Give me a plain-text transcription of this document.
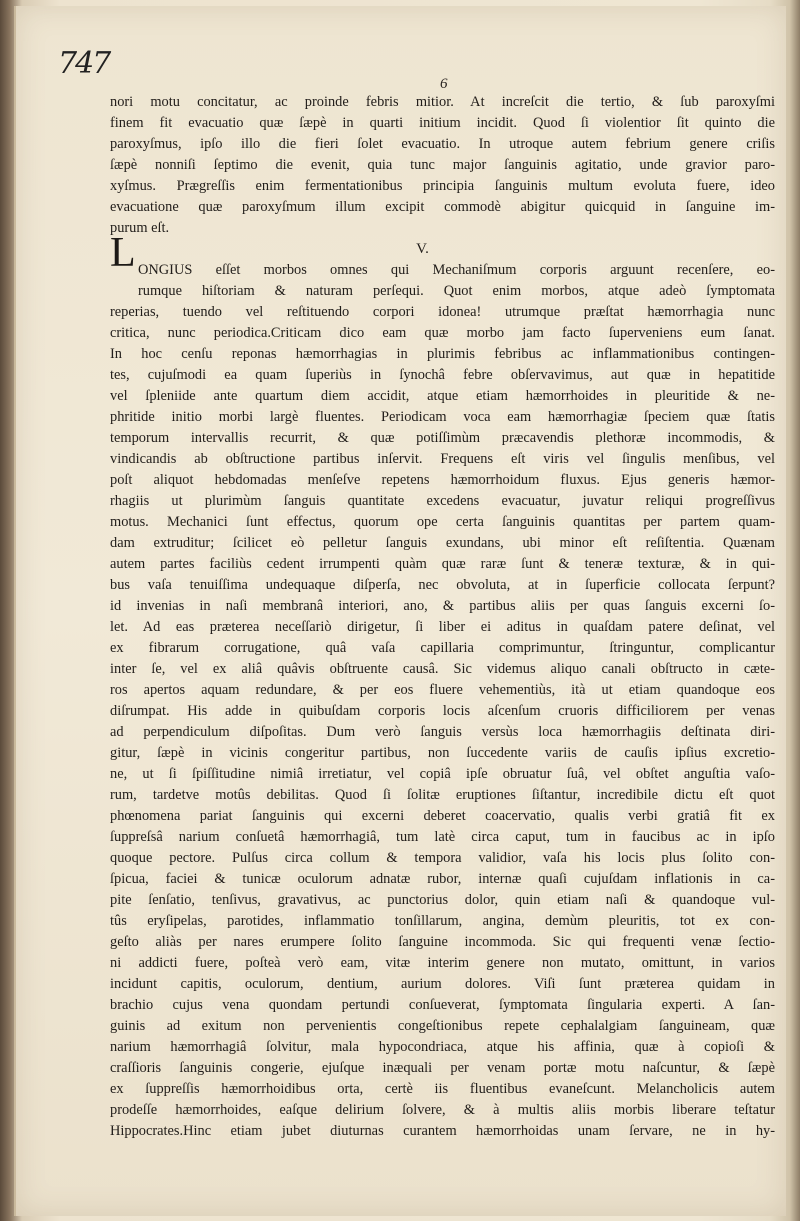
747
6
nori motu concitatur, ac proinde febris mitior. At increſcit die tertio, & ſub paroxyſmi
finem fit evacuatio quæ ſæpè in quarti initium incidit. Quod ſi violentior ſit quinto die
paroxyſmus, ipſo illo die fieri ſolet evacuatio. In utroque autem febrium genere criſis
ſæpè nonniſi ſeptimo die evenit, quia tunc major ſanguinis agitatio, unde gravior paro-
xyſmus. Prægreſſis enim fermentationibus principia ſanguinis multum evoluta fuere, ideo
evacuatione quæ paroxyſmum illum excipit commodè abigitur quicquid in ſanguine im-
purum eſt.
V.
ONGIUS eſſet morbos omnes qui Mechaniſmum corporis arguunt recenſere, eo-
rumque hiſtoriam & naturam perſequi. Quot enim morbos, atque adeò ſymptomata
reperias, tuendo vel reſtituendo corpori idonea! utrumque præſtat hæmorrhagia nunc
critica, nunc periodica.Criticam dico eam quæ morbo jam facto ſuperveniens eum ſanat.
In hoc cenſu reponas hæmorrhagias in plurimis febribus ac inflammationibus contingen-
tes, cujuſmodi ea quam ſuperiùs in ſynochâ febre obſervavimus, aut quæ in hepatitide
vel ſpleniide ante quartum diem accidit, atque etiam hæmorrhoides in pleuritide & ne-
phritide initio morbi largè fluentes. Periodicam voca eam hæmorrhagiæ ſpeciem quæ ſtatis
temporum intervallis recurrit, & quæ potiſſimùm præcavendis plethoræ incommodis, &
vindicandis ab obſtructione partibus inſervit. Frequens eſt viris vel ſingulis menſibus, vel
poſt aliquot hebdomadas menſeſve repetens hæmorrhoidum fluxus. Ejus generis hæmor-
rhagiis ut plurimùm ſanguis quantitate excedens evacuatur, juvatur reliqui progreſſivus
motus. Mechanici ſunt effectus, quorum ope certa ſanguinis quantitas per partem quam-
dam extruditur; ſcilicet eò pelletur ſanguis exundans, ubi minor eſt reſiſtentia. Quænam
autem partes faciliùs cedent irrumpenti quàm quæ raræ ſunt & teneræ texturæ, & in qui-
bus vaſa tenuiſſima undequaque diſperſa, nec obvoluta, at in ſuperficie collocata ſerpunt?
id invenias in naſi membranâ interiori, ano, & partibus aliis per quas ſanguis excerni ſo-
let. Ad eas præterea neceſſariò dirigetur, ſi liber ei aditus in quaſdam patere deſinat, vel
ex fibrarum corrugatione, quâ vaſa capillaria comprimuntur, ſtringuntur, complicantur
inter ſe, vel ex aliâ quâvis obſtruente causâ. Sic videmus aliquo canali obſtructo in cæte-
ros apertos aquam redundare, & per eos fluere vehementiùs, ità ut etiam quandoque eos
diſrumpat. His adde in quibuſdam corporis locis aſcenſum cruoris difficiliorem per venas
ad perpendiculum diſpoſitas. Dum verò ſanguis versùs loca hæmorrhagiis deſtinata diri-
gitur, ſæpè in vicinis congeritur partibus, non ſuccedente variis de cauſis ipſius excretio-
ne, ut ſi ſpiſſitudine nimiâ irretiatur, vel copiâ ipſe obruatur ſuâ, vel obſtet anguſtia vaſo-
rum, tardetve motûs debilitas. Quod ſi ſolitæ eruptiones ſiſtantur, incredibile dictu eſt quot
phœnomena pariat ſanguinis qui excerni deberet coacervatio, qualis verbi gratiâ fit ex
ſuppreſsâ narium conſuetâ hæmorrhagiâ, tum latè circa caput, tum in faucibus ac in ipſo
quoque pectore. Pulſus circa collum & tempora validior, vaſa his locis plus ſolito con-
ſpicua, faciei & tunicæ oculorum adnatæ rubor, internæ quaſi cujuſdam inflationis in ca-
pite ſenſatio, tenſivus, gravativus, ac punctorius dolor, quin etiam naſi & quandoque vul-
tûs eryſipelas, parotides, inflammatio tonſillarum, angina, demùm pleuritis, tot ex con-
geſto aliàs per nares erumpere ſolito ſanguine incommoda. Sic qui frequenti venæ ſectio-
ni addicti fuere, poſteà verò eam, vitæ interim genere non mutato, omittunt, in varios
incidunt capitis, oculorum, dentium, aurium dolores. Viſi ſunt præterea quidam in
brachio cujus vena quondam pertundi conſueverat, ſymptomata ſingularia experti. A ſan-
guinis ad exitum non pervenientis congeſtionibus repete cephalalgiam ſanguineam, quæ
narium hæmorrhagiâ ſolvitur, mala hypocondriaca, atque his affinia, quæ à copioſi &
craſſioris ſanguinis congerie, ejuſque inæquali per venam portæ motu naſcuntur, & ſæpè
ex ſuppreſſis hæmorrhoidibus orta, certè iis fluentibus evaneſcunt. Melancholicis autem
prodeſſe hæmorrhoides, eaſque delirium ſolvere, & à multis aliis morbis liberare teſtatur
Hippocrates.Hinc etiam jubet diuturnas curantem hæmorrhoidas unam ſervare, ne in hy-
L
